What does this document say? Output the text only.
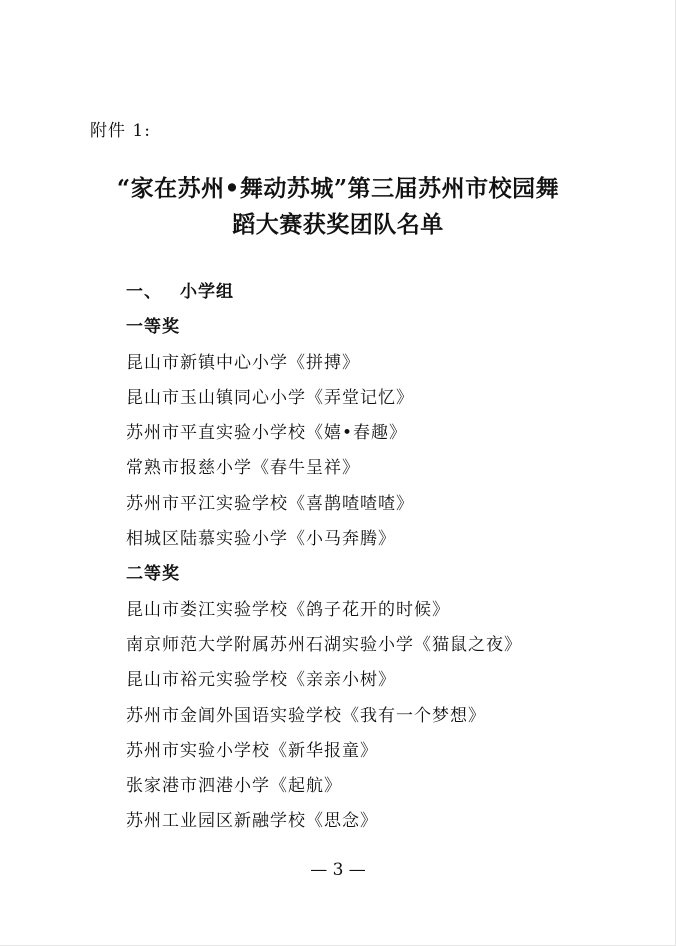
附件 1:
“家在苏州•舞动苏城”第三届苏州市校园舞
蹈大赛获奖团队名单
一、 小学组
一等奖
昆山市新镇中心小学《拼搏》
昆山市玉山镇同心小学《弄堂记忆》
苏州市平直实验小学校《嬉•春趣》
常熟市报慈小学《春牛呈祥》
苏州市平江实验学校《喜鹊喳喳喳》
相城区陆慕实验小学《小马奔腾》
二等奖
昆山市娄江实验学校《鸽子花开的时候》
南京师范大学附属苏州石湖实验小学《猫鼠之夜》
昆山市裕元实验学校《亲亲小树》
苏州市金阊外国语实验学校《我有一个梦想》
苏州市实验小学校《新华报童》
张家港市泗港小学《起航》
苏州工业园区新融学校《思念》
— 3 —
